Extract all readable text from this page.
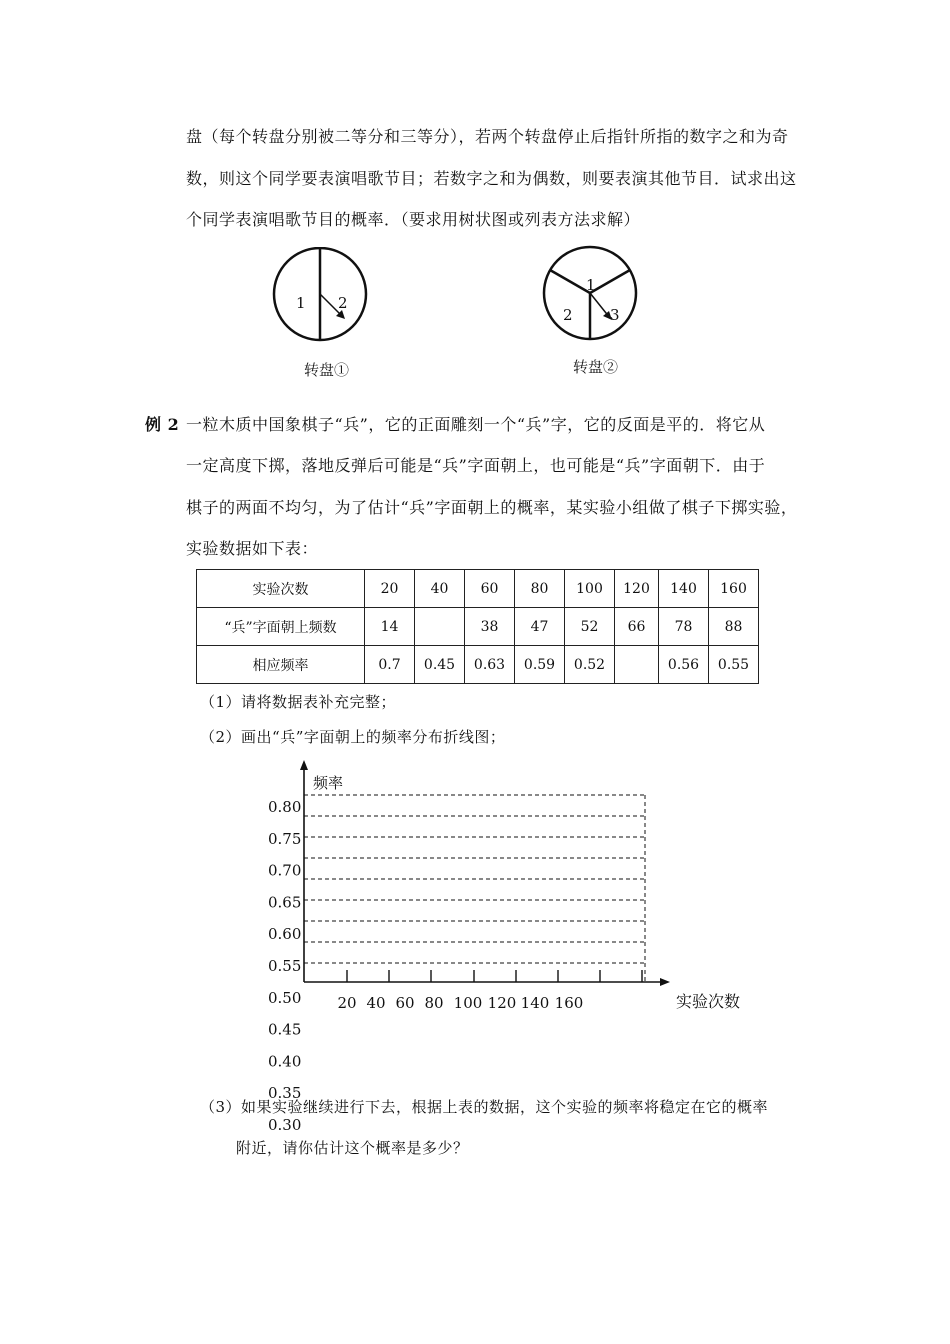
盘（每个转盘分别被二等分和三等分），若两个转盘停止后指针所指的数字之和为奇
数，则这个同学要表演唱歌节目；若数字之和为偶数，则要表演其他节目．试求出这
个同学表演唱歌节目的概率．（要求用树状图或列表方法求解）
1 2
转盘①
1
2 3
转盘②
例 2 一粒木质中国象棋子“兵”，它的正面雕刻一个“兵”字，它的反面是平的．将它从
一定高度下掷，落地反弹后可能是“兵”字面朝上，也可能是“兵”字面朝下．由于
棋子的两面不均匀，为了估计“兵”字面朝上的概率，某实验小组做了棋子下掷实验，
实验数据如下表：
实验次数	20	40	60	80	100	120	140	160
“兵”字面朝上频数	14		38	47	52	66	78	88
相应频率	0.7	0.45	0.63	0.59	0.52		0.56	0.55
（1）请将数据表补充完整；
（2）画出“兵”字面朝上的频率分布折线图；
20 40 60 80 100 120 140 160
0.80
0.75
0.70
0.65
0.60
0.55
0.50
0.45
0.40
0.35
0.30
频率
实验次数
（3）如果实验继续进行下去，根据上表的数据，这个实验的频率将稳定在它的概率
附近，请你估计这个概率是多少？
